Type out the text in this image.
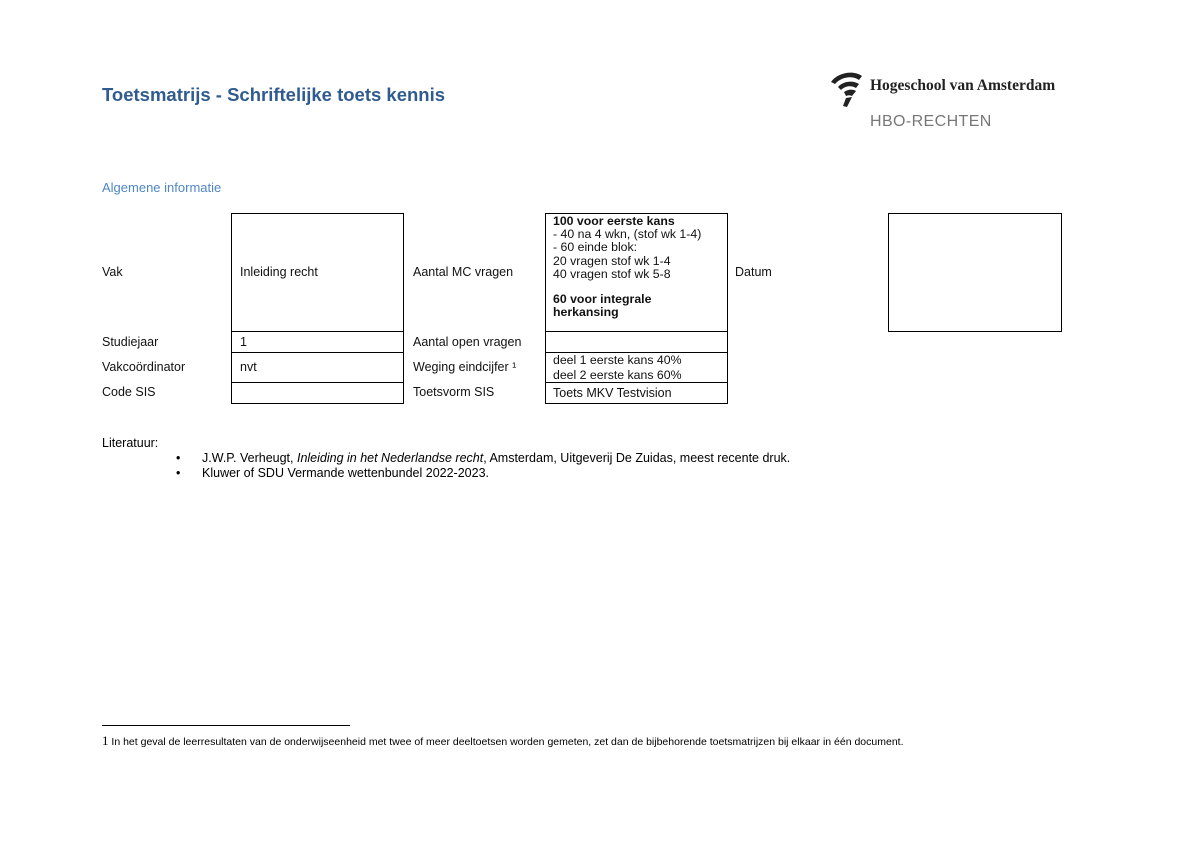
Toetsmatrijs - Schriftelijke toets kennis	Hogeschool van Amsterdam
HBO-RECHTEN
Algemene informatie
Vak
Studiejaar
Vakcoördinator
Code SIS
Inleiding recht
1
nvt
Aantal MC vragen
Aantal open vragen
Weging eindcijfer ¹
Toetsvorm SIS
100 voor eerste kans
- 40 na 4 wkn, (stof wk 1-4)
- 60 einde blok:
20 vragen stof wk 1-4
40 vragen stof wk 5-8
60 voor integrale
herkansing
deel 1 eerste kans 40%
deel 2 eerste kans 60%
Toets MKV Testvision
Datum
Literatuur:
• J.W.P. Verheugt, Inleiding in het Nederlandse recht, Amsterdam, Uitgeverij De Zuidas, meest recente druk.
• Kluwer of SDU Vermande wettenbundel 2022-2023.
1 In het geval de leerresultaten van de onderwijseenheid met twee of meer deeltoetsen worden gemeten, zet dan de bijbehorende toetsmatrijzen bij elkaar in één document.
